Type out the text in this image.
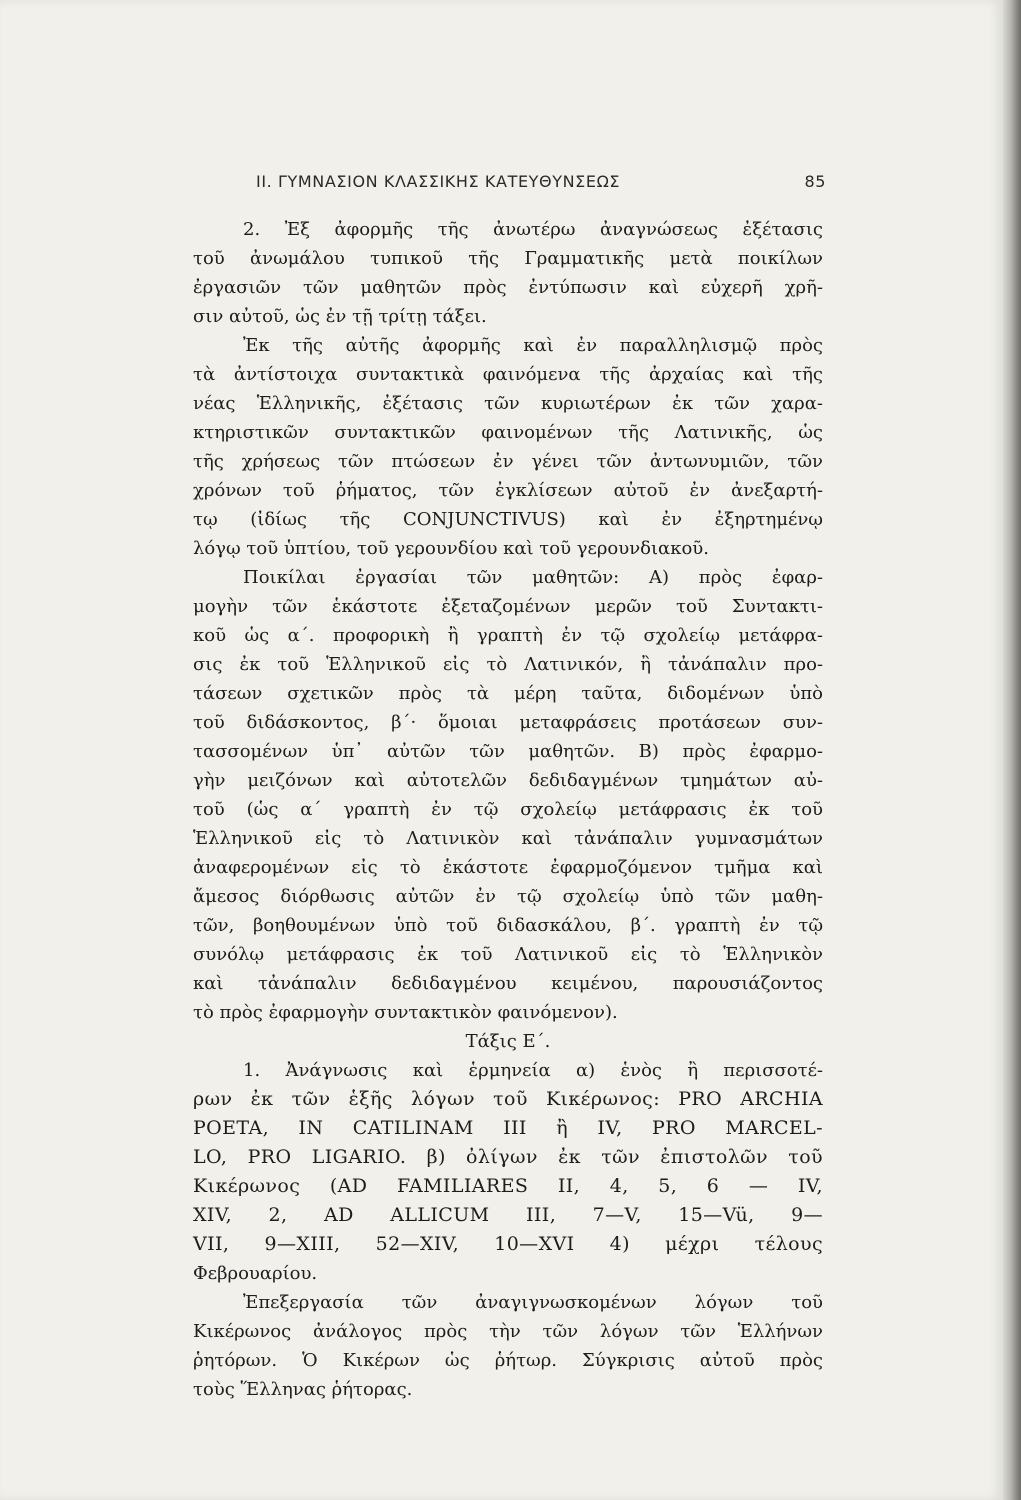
II. ΓΥΜΝΑΣΙΟΝ ΚΛΑΣΣΙΚΗΣ ΚΑΤΕΥΘΥΝΣΕΩΣ	85
2. Ἐξ ἀφορμῆς τῆς ἀνωτέρω ἀναγνώσεως ἐξέτασις
τοῦ ἀνωμάλου τυπικοῦ τῆς Γραμματικῆς μετὰ ποικίλων
ἐργασιῶν τῶν μαθητῶν πρὸς ἐντύπωσιν καὶ εὐχερῆ χρῆ-
σιν αὐτοῦ, ὡς ἐν τῇ τρίτῃ τάξει.
Ἐκ τῆς αὐτῆς ἀφορμῆς καὶ ἐν παραλληλισμῷ πρὸς
τὰ ἀντίστοιχα συντακτικὰ φαινόμενα τῆς ἀρχαίας καὶ τῆς
νέας Ἑλληνικῆς, ἐξέτασις τῶν κυριωτέρων ἐκ τῶν χαρα-
κτηριστικῶν συντακτικῶν φαινομένων τῆς Λατινικῆς, ὡς
τῆς χρήσεως τῶν πτώσεων ἐν γένει τῶν ἀντωνυμιῶν, τῶν
χρόνων τοῦ ῥήματος, τῶν ἐγκλίσεων αὐτοῦ ἐν ἀνεξαρτή-
τῳ (ἰδίως τῆς CONJUNCTIVUS) καὶ ἐν ἐξηρτημένῳ
λόγῳ τοῦ ὑπτίου, τοῦ γερουνδίου καὶ τοῦ γερουνδιακοῦ.
Ποικίλαι ἐργασίαι τῶν μαθητῶν: Α) πρὸς ἐφαρ-
μογὴν τῶν ἑκάστοτε ἐξεταζομένων μερῶν τοῦ Συντακτι-
κοῦ ὡς α΄. προφορικὴ ἢ γραπτὴ ἐν τῷ σχολείῳ μετάφρα-
σις ἐκ τοῦ Ἑλληνικοῦ εἰς τὸ Λατινικόν, ἢ τἀνάπαλιν προ-
τάσεων σχετικῶν πρὸς τὰ μέρη ταῦτα, διδομένων ὑπὸ
τοῦ διδάσκοντος, β΄· ὅμοιαι μεταφράσεις προτάσεων συν-
τασσομένων ὑπ᾿ αὐτῶν τῶν μαθητῶν. Β) πρὸς ἐφαρμο-
γὴν μειζόνων καὶ αὐτοτελῶν δεδιδαγμένων τμημάτων αὐ-
τοῦ (ὡς α΄ γραπτὴ ἐν τῷ σχολείῳ μετάφρασις ἐκ τοῦ
Ἑλληνικοῦ εἰς τὸ Λατινικὸν καὶ τἀνάπαλιν γυμνασμάτων
ἀναφερομένων εἰς τὸ ἑκάστοτε ἐφαρμοζόμενον τμῆμα καὶ
ἄμεσος διόρθωσις αὐτῶν ἐν τῷ σχολείῳ ὑπὸ τῶν μαθη-
τῶν, βοηθουμένων ὑπὸ τοῦ διδασκάλου, β΄. γραπτὴ ἐν τῷ
συνόλῳ μετάφρασις ἐκ τοῦ Λατινικοῦ εἰς τὸ Ἑλληνικὸν
καὶ τἀνάπαλιν δεδιδαγμένου κειμένου, παρουσιάζοντος
τὸ πρὸς ἐφαρμογὴν συντακτικὸν φαινόμενον).
Τάξις Ε΄.
1. Ἀνάγνωσις καὶ ἑρμηνεία α) ἑνὸς ἢ περισσοτέ-
ρων ἐκ τῶν ἑξῆς λόγων τοῦ Κικέρωνος: PRO ARCHIA
POETA, IN CATILINAM III ἢ IV, PRO MARCEL-
LO, PRO LIGARIO. β) ὀλίγων ἐκ τῶν ἐπιστολῶν τοῦ
Κικέρωνος (AD FAMILIARES II, 4, 5, 6 — IV,
XIV, 2, AD ALLICUM III, 7—V, 15—Vü, 9—
VII, 9—XIII, 52—XIV, 10—XVI 4) μέχρι τέλους
Φεβρουαρίου.
Ἐπεξεργασία τῶν ἀναγιγνωσκομένων λόγων τοῦ
Κικέρωνος ἀνάλογος πρὸς τὴν τῶν λόγων τῶν Ἑλλήνων
ῥητόρων. Ὁ Κικέρων ὡς ῥήτωρ. Σύγκρισις αὐτοῦ πρὸς
τοὺς Ἕλληνας ῥήτορας.
